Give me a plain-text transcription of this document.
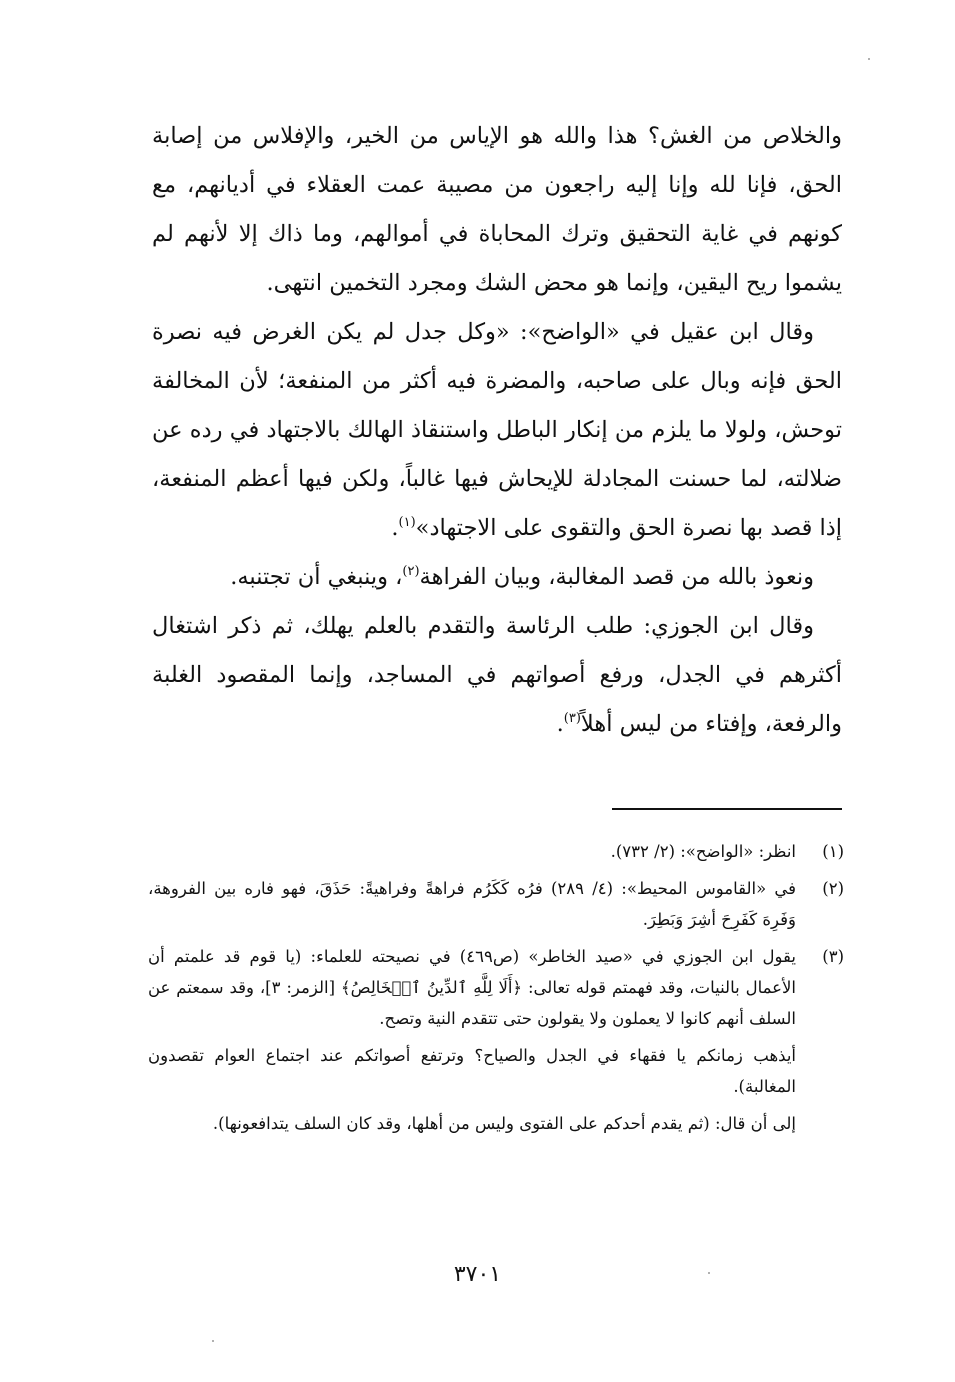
والخلاص من الغش؟ هذا والله هو الإياس من الخير، والإفلاس من إصابة الحق، فإنا لله وإنا إليه راجعون من مصيبة عمت العقلاء في أديانهم، مع كونهم في غاية التحقيق وترك المحاباة في أموالهم، وما ذاك إلا لأنهم لم يشموا ريح اليقين، وإنما هو محض الشك ومجرد التخمين انتهى.

وقال ابن عقيل في «الواضح»: «وكل جدل لم يكن الغرض فيه نصرة الحق فإنه وبال على صاحبه، والمضرة فيه أكثر من المنفعة؛ لأن المخالفة توحش، ولولا ما يلزم من إنكار الباطل واستنقاذ الهالك بالاجتهاد في رده عن ضلالته، لما حسنت المجادلة للإيحاش فيها غالباً، ولكن فيها أعظم المنفعة، إذا قصد بها نصرة الحق والتقوى على الاجتهاد»$^{(١)}$.

ونعوذ بالله من قصد المغالبة، وبيان الفراهة$^{(٢)}$، وينبغي أن تجتنبه.

وقال ابن الجوزي: طلب الرئاسة والتقدم بالعلم يهلك، ثم ذكر اشتغال أكثرهم في الجدل، ورفع أصواتهم في المساجد، وإنما المقصود الغلبة والرفعة، وإفتاء من ليس أهلاً$^{(٣)}$.

(١)

انظر: «الواضح»: (٢/ ٧٣٢).

(٢)

في «القاموس المحيط»: (٤/ ٢٨٩) فرُه كَكَرُم فراهةً وفراهيةً: حَذَقَ، فهو فاره بين الفروهة، وَفَرِهَ كَفَرِحَ أشِرَ وَبَطِرَ.

(٣)

يقول ابن الجوزي في «صيد الخاطر» (ص٤٦٩) في نصيحته للعلماء: (يا قوم قد علمتم أن الأعمال بالنيات، وقد فهمتم قوله تعالى: ﴿أَلَا لِلَّهِ ٱلدِّينُ ٱلۡخَالِصُ﴾ [الزمر: ٣]، وقد سمعتم عن السلف أنهم كانوا لا يعملون ولا يقولون حتى تتقدم النية وتصح.

أيذهب زمانكم يا فقهاء في الجدل والصياح؟ وترتفع أصواتكم عند اجتماع العوام تقصدون المغالبة).

إلى أن قال: (ثم يقدم أحدكم على الفتوى وليس من أهلها، وقد كان السلف يتدافعونها).

٣٧٠١
